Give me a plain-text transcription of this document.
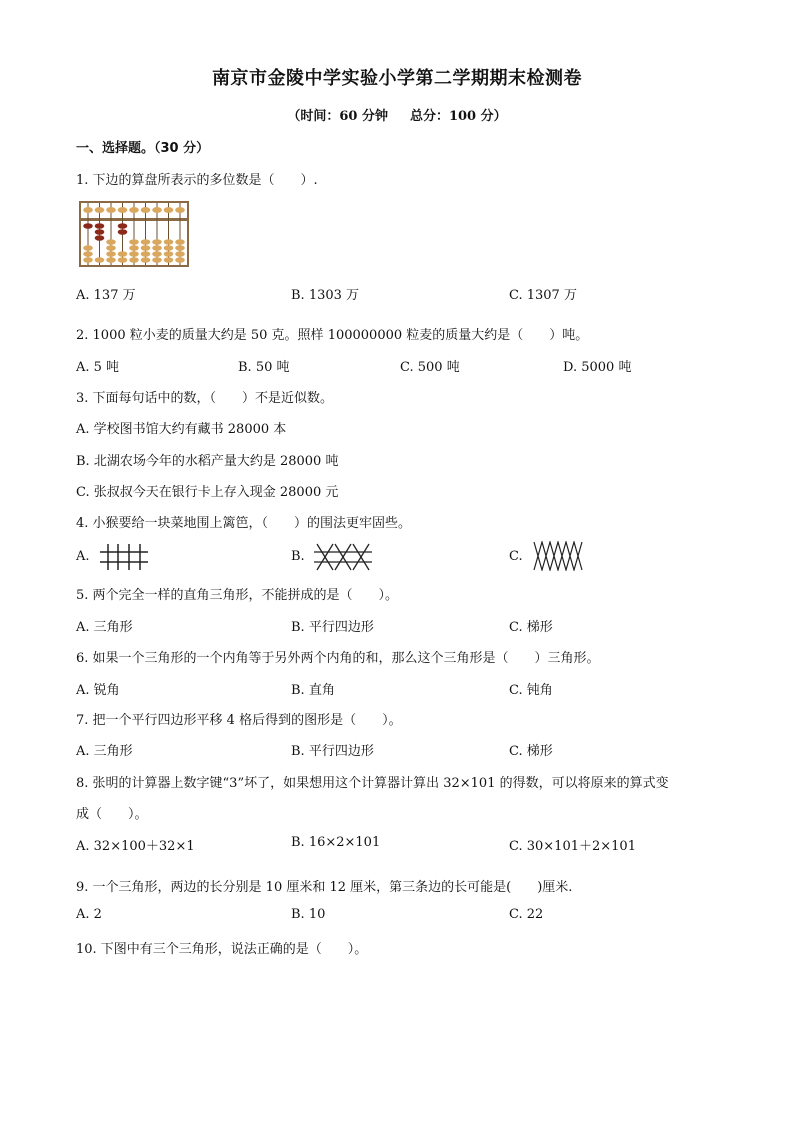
南京市金陵中学实验小学第二学期期末检测卷
（时间：60 分钟 总分：100 分）
一、选择题。（30 分）
1. 下边的算盘所表示的多位数是（　　）.
A. 137 万	B. 1303 万	C. 1307 万
2. 1000 粒小麦的质量大约是 50 克。照样 100000000 粒麦的质量大约是（　　）吨。
A. 5 吨	B. 50 吨	C. 500 吨	D. 5000 吨
3. 下面每句话中的数，（　　）不是近似数。
A. 学校图书馆大约有藏书 28000 本
B. 北湖农场今年的水稻产量大约是 28000 吨
C. 张叔叔今天在银行卡上存入现金 28000 元
4. 小猴要给一块菜地围上篱笆，（　　）的围法更牢固些。
A.	B.	C.
5. 两个完全一样的直角三角形，不能拼成的是（　　）。
A. 三角形	B. 平行四边形	C. 梯形
6. 如果一个三角形的一个内角等于另外两个内角的和，那么这个三角形是（　　）三角形。
A. 锐角	B. 直角	C. 钝角
7. 把一个平行四边形平移 4 格后得到的图形是（　　）。
A. 三角形	B. 平行四边形	C. 梯形
8. 张明的计算器上数字键“3”坏了，如果想用这个计算器计算出 32×101 的得数，可以将原来的算式变
成（　　）。
A. 32×100＋32×1	B. 16×2×101	C. 30×101＋2×101
9. 一个三角形，两边的长分别是 10 厘米和 12 厘米，第三条边的长可能是(　　)厘米.
A. 2	B. 10	C. 22
10. 下图中有三个三角形，说法正确的是（　　）。
